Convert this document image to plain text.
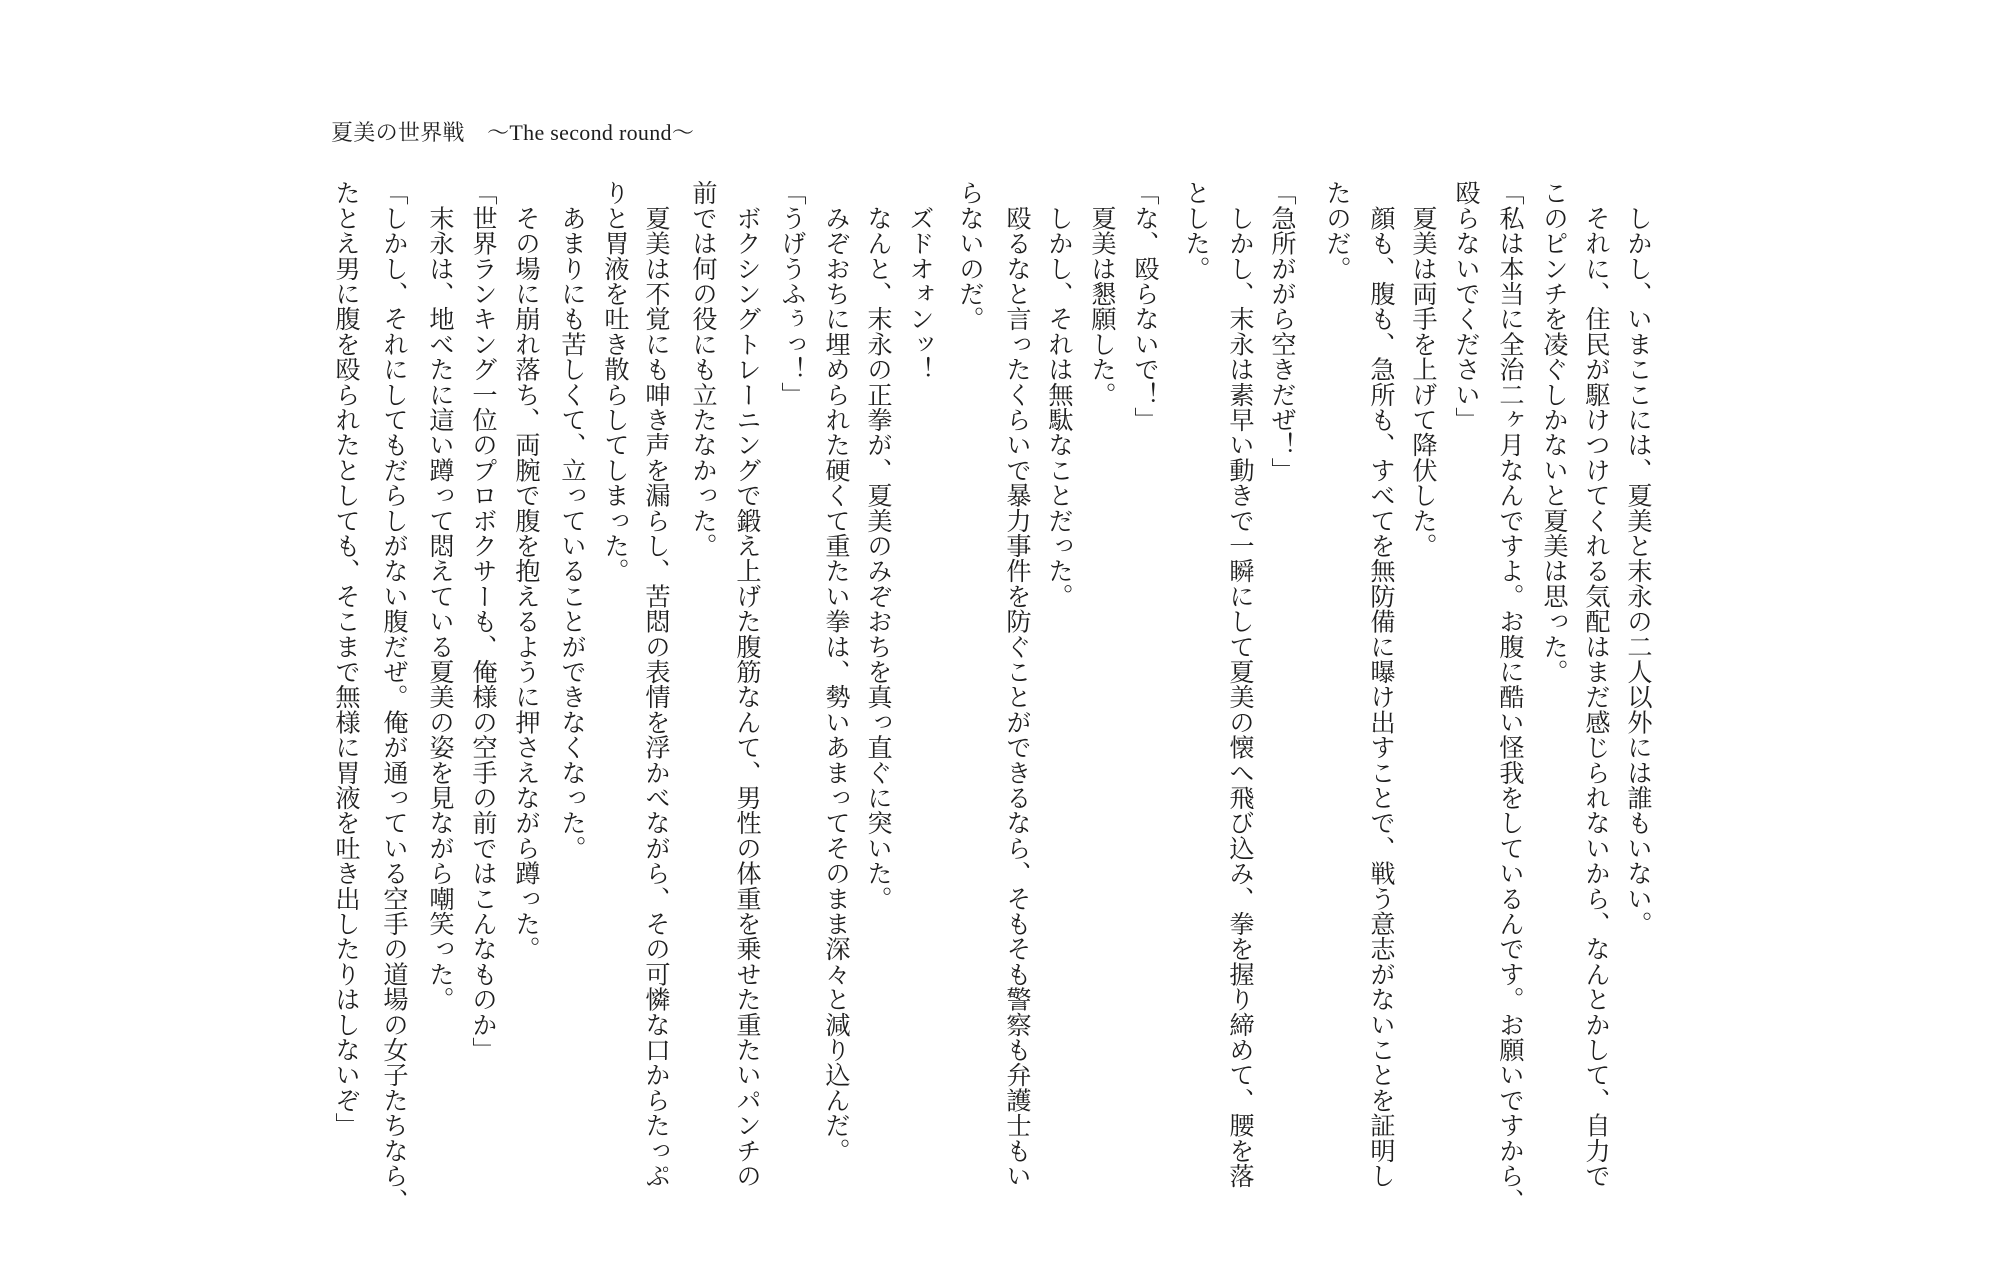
夏美の世界戦　～The second round～
　しかし、いまここには、夏美と末永の二人以外には誰もいない。
　それに、住民が駆けつけてくれる気配はまだ感じられないから、なんとかして、自力で
このピンチを凌ぐしかないと夏美は思った。
「私は本当に全治二ヶ月なんですよ。お腹に酷い怪我をしているんです。お願いですから、
殴らないでください」
　夏美は両手を上げて降伏した。
　顔も、腹も、急所も、すべてを無防備に曝け出すことで、戦う意志がないことを証明し
たのだ。
「急所ががら空きだぜ！」
　しかし、末永は素早い動きで一瞬にして夏美の懐へ飛び込み、拳を握り締めて、腰を落
とした。
「な、殴らないで！」
　夏美は懇願した。
　しかし、それは無駄なことだった。
　殴るなと言ったくらいで暴力事件を防ぐことができるなら、そもそも警察も弁護士もい
らないのだ。
　ズドオォンッ！
　なんと、末永の正拳が、夏美のみぞおちを真っ直ぐに突いた。
　みぞおちに埋められた硬くて重たい拳は、勢いあまってそのまま深々と減り込んだ。
「うげうふぅっ！」
　ボクシングトレーニングで鍛え上げた腹筋なんて、男性の体重を乗せた重たいパンチの
前では何の役にも立たなかった。
　夏美は不覚にも呻き声を漏らし、苦悶の表情を浮かべながら、その可憐な口からたっぷ
りと胃液を吐き散らしてしまった。
　あまりにも苦しくて、立っていることができなくなった。
　その場に崩れ落ち、両腕で腹を抱えるように押さえながら蹲った。
「世界ランキング一位のプロボクサーも、俺様の空手の前ではこんなものか」
　末永は、地べたに這い蹲って悶えている夏美の姿を見ながら嘲笑った。
「しかし、それにしてもだらしがない腹だぜ。俺が通っている空手の道場の女子たちなら、
たとえ男に腹を殴られたとしても、そこまで無様に胃液を吐き出したりはしないぞ」
